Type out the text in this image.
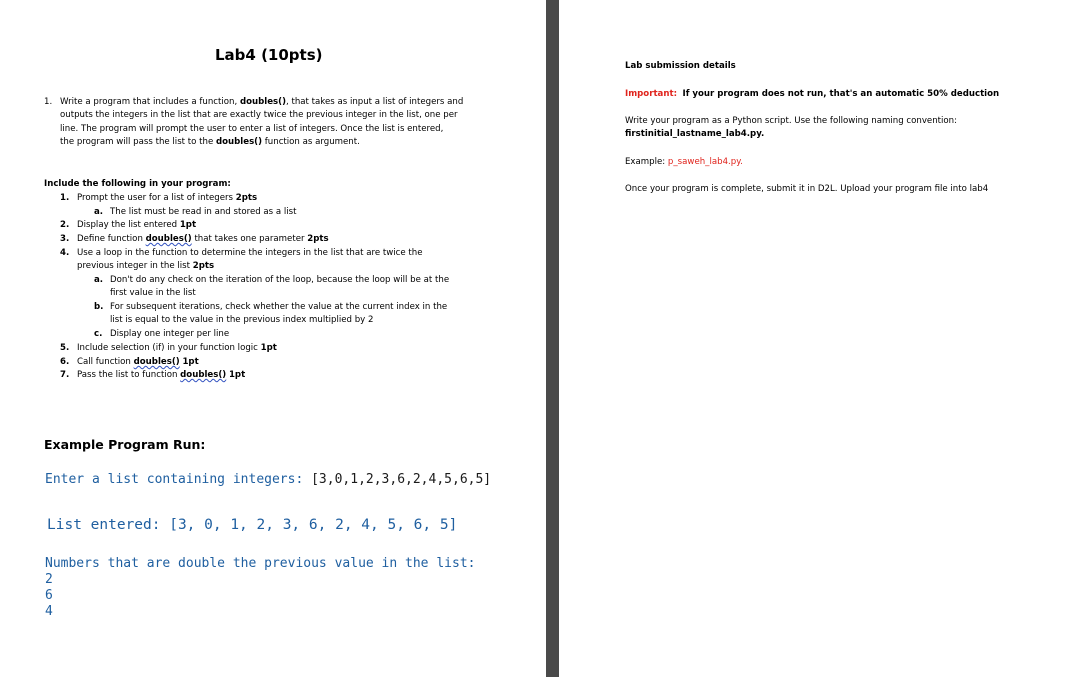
Lab4 (10pts)
1. Write a program that includes a function, doubles(), that takes as input a list of integers and
outputs the integers in the list that are exactly twice the previous integer in the list, one per
line. The program will prompt the user to enter a list of integers. Once the list is entered,
the program will pass the list to the doubles() function as argument.
Include the following in your program:
1. Prompt the user for a list of integers 2pts
a. The list must be read in and stored as a list
2. Display the list entered 1pt
3. Define function doubles() that takes one parameter 2pts
4. Use a loop in the function to determine the integers in the list that are twice the
previous integer in the list 2pts
a. Don't do any check on the iteration of the loop, because the loop will be at the
first value in the list
b. For subsequent iterations, check whether the value at the current index in the
list is equal to the value in the previous index multiplied by 2
c. Display one integer per line
5. Include selection (if) in your function logic 1pt
6. Call function doubles() 1pt
7. Pass the list to function doubles() 1pt
Example Program Run:
Enter a list containing integers: [3,0,1,2,3,6,2,4,5,6,5]
List entered: [3, 0, 1, 2, 3, 6, 2, 4, 5, 6, 5]
Numbers that are double the previous value in the list:
2
6
4
Lab submission details
Important: If your program does not run, that's an automatic 50% deduction
Write your program as a Python script. Use the following naming convention:
firstinitial_lastname_lab4.py.
Example: p_saweh_lab4.py.
Once your program is complete, submit it in D2L. Upload your program file into lab4
